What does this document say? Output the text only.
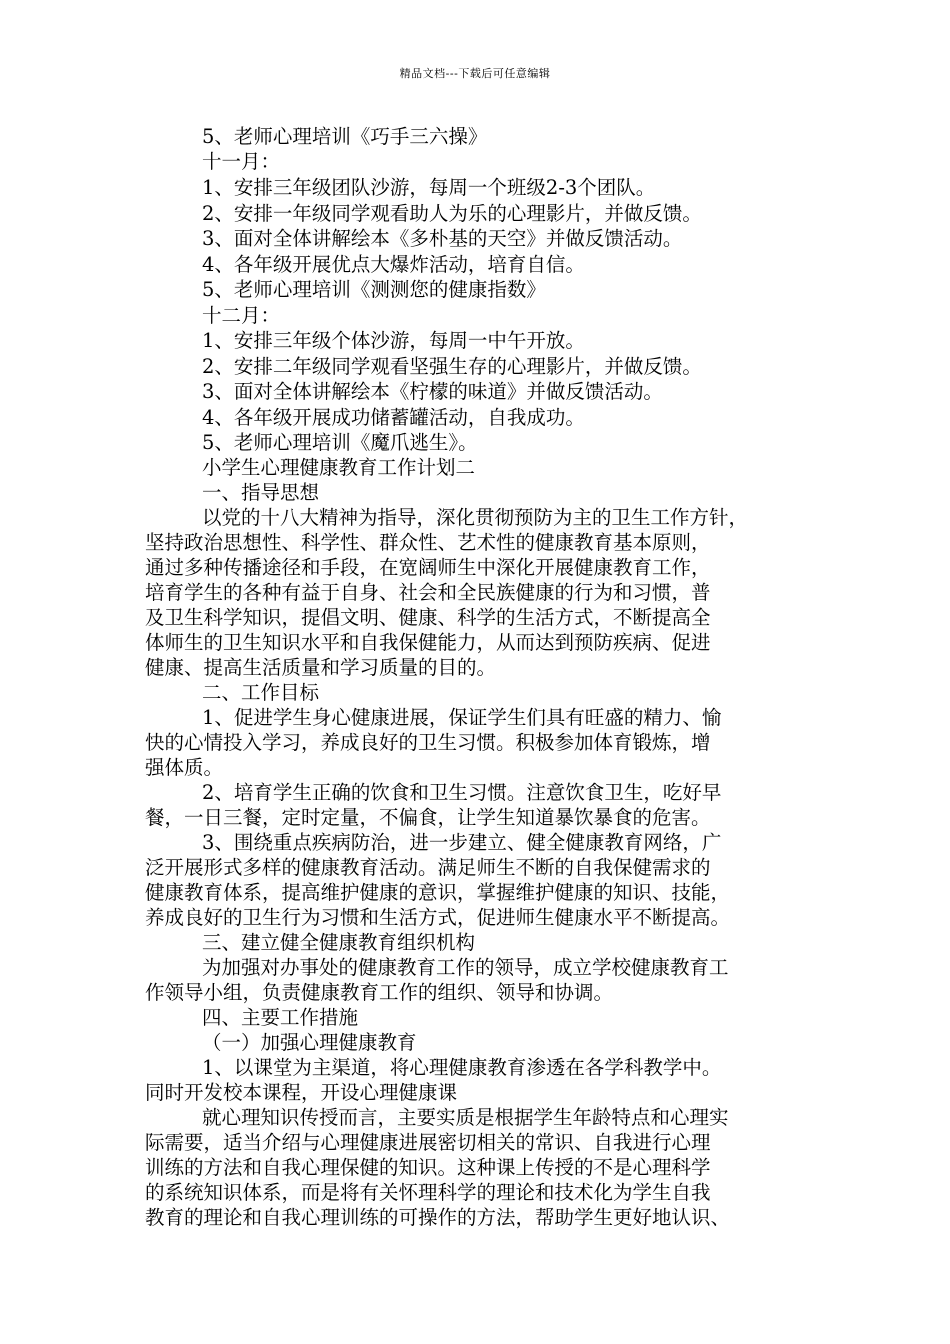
精品文档---下载后可任意编辑
5、老师心理培训《巧手三六操》
十一月：
1、安排三年级团队沙游，每周一个班级2-3个团队。
2、安排一年级同学观看助人为乐的心理影片，并做反馈。
3、面对全体讲解绘本《多朴基的天空》并做反馈活动。
4、各年级开展优点大爆炸活动，培育自信。
5、老师心理培训《测测您的健康指数》
十二月：
1、安排三年级个体沙游，每周一中午开放。
2、安排二年级同学观看坚强生存的心理影片，并做反馈。
3、面对全体讲解绘本《柠檬的味道》并做反馈活动。
4、各年级开展成功储蓄罐活动，自我成功。
5、老师心理培训《魔爪逃生》。
小学生心理健康教育工作计划二
一、指导思想
以党的十八大精神为指导，深化贯彻预防为主的卫生工作方针，
坚持政治思想性、科学性、群众性、艺术性的健康教育基本原则，
通过多种传播途径和手段，在宽阔师生中深化开展健康教育工作，
培育学生的各种有益于自身、社会和全民族健康的行为和习惯，普
及卫生科学知识，提倡文明、健康、科学的生活方式，不断提高全
体师生的卫生知识水平和自我保健能力，从而达到预防疾病、促进
健康、提高生活质量和学习质量的目的。
二、工作目标
1、促进学生身心健康进展，保证学生们具有旺盛的精力、愉
快的心情投入学习，养成良好的卫生习惯。积极参加体育锻炼，增
强体质。
2、培育学生正确的饮食和卫生习惯。注意饮食卫生，吃好早
餐，一日三餐，定时定量，不偏食，让学生知道暴饮暴食的危害。
3、围绕重点疾病防治，进一步建立、健全健康教育网络，广
泛开展形式多样的健康教育活动。满足师生不断的自我保健需求的
健康教育体系，提高维护健康的意识，掌握维护健康的知识、技能，
养成良好的卫生行为习惯和生活方式，促进师生健康水平不断提高。
三、建立健全健康教育组织机构
为加强对办事处的健康教育工作的领导，成立学校健康教育工
作领导小组，负责健康教育工作的组织、领导和协调。
四、主要工作措施
（一）加强心理健康教育
1、以课堂为主渠道，将心理健康教育渗透在各学科教学中。
同时开发校本课程，开设心理健康课
就心理知识传授而言，主要实质是根据学生年龄特点和心理实
际需要，适当介绍与心理健康进展密切相关的常识、自我进行心理
训练的方法和自我心理保健的知识。这种课上传授的不是心理科学
的系统知识体系，而是将有关怀理科学的理论和技术化为学生自我
教育的理论和自我心理训练的可操作的方法，帮助学生更好地认识、
